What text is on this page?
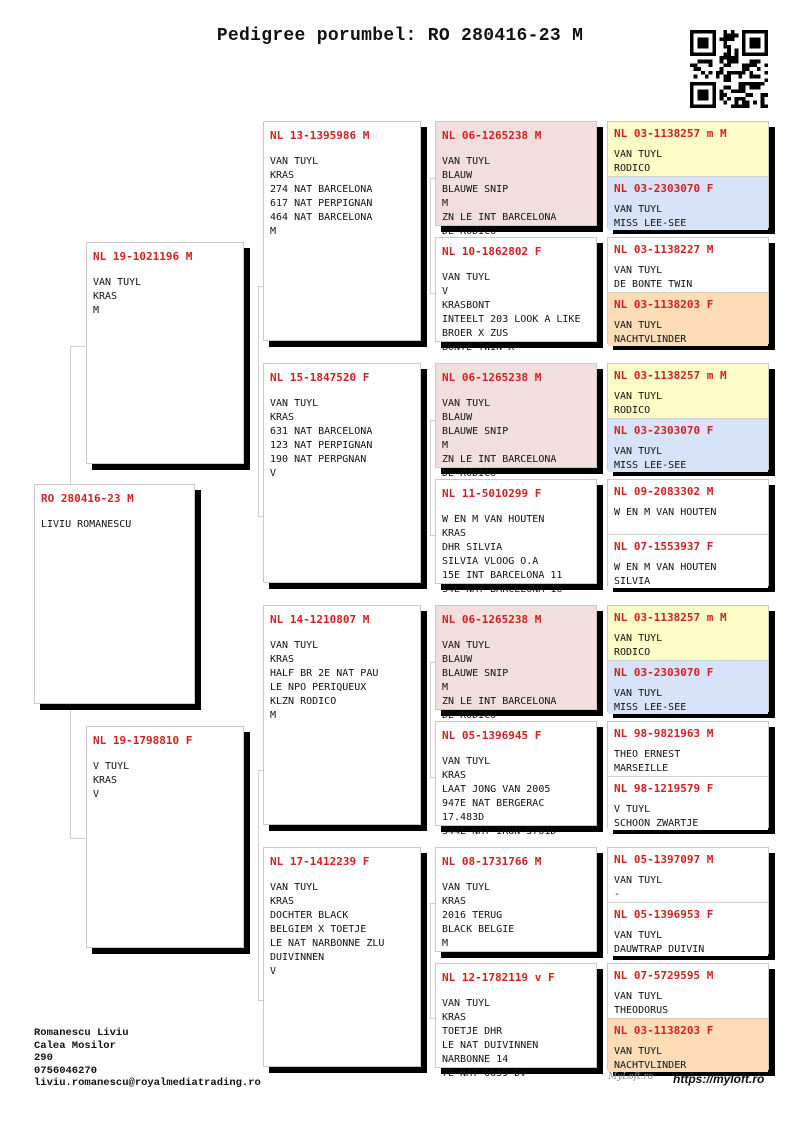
Pedigree porumbel: RO 280416-23 M
RO 280416-23 M
LIVIU ROMANESCU
NL 19-1021196 M
VAN TUYL
KRAS
M
NL 19-1798810 F
V TUYL
KRAS
V
NL 13-1395986 M
VAN TUYL
KRAS
274 NAT BARCELONA
617 NAT PERPIGNAN
464 NAT BARCELONA
M
NL 15-1847520 F
VAN TUYL
KRAS
631 NAT BARCELONA
123 NAT PERPIGNAN
190 NAT PERPGNAN
V
NL 14-1210807 M
VAN TUYL
KRAS
HALF BR 2E NAT PAU
LE NPO PERIQUEUX
KLZN RODICO
M
NL 17-1412239 F
VAN TUYL
KRAS
DOCHTER BLACK
BELGIEM X TOETJE
LE NAT NARBONNE ZLU
DUIVINNEN
V
NL 06-1265238 M
VAN TUYL
BLAUW
BLAUWE SNIP
M
ZN LE INT BARCELONA
DE RODICO
NL 10-1862802 F
VAN TUYL
V
KRASBONT
INTEELT 203 LOOK A LIKE
BROER X ZUS
BONTE TWIN X
NL 06-1265238 M
VAN TUYL
BLAUW
BLAUWE SNIP
M
ZN LE INT BARCELONA
DE RODICO
NL 11-5010299 F
W EN M VAN HOUTEN
KRAS
DHR SILVIA
SILVIA VLOOG O.A
15E INT BARCELONA 11
34E NAT BARCELONA 10
NL 06-1265238 M
VAN TUYL
BLAUW
BLAUWE SNIP
M
ZN LE INT BARCELONA
DE RODICO
NL 05-1396945 F
VAN TUYL
KRAS
LAAT JONG VAN 2005
947E NAT BERGERAC
17.483D
344E NAT IRUN 5701D
NL 08-1731766 M
VAN TUYL
KRAS
2016 TERUG
BLACK BELGIE
M
NL 12-1782119 v F
VAN TUYL
KRAS
TOETJE DHR
LE NAT DUIVINNEN
NARBONNE 14
7E NAT 6659 DV
NL 03-1138257 m M
VAN TUYL
RODICO
NL 03-2303070 F
VAN TUYL
MISS LEE-SEE
NL 03-1138227 M
VAN TUYL
DE BONTE TWIN
NL 03-1138203 F
VAN TUYL
NACHTVLINDER
NL 03-1138257 m M
VAN TUYL
RODICO
NL 03-2303070 F
VAN TUYL
MISS LEE-SEE
NL 09-2083302 M
W EN M VAN HOUTEN
NL 07-1553937 F
W EN M VAN HOUTEN
SILVIA
NL 03-1138257 m M
VAN TUYL
RODICO
NL 03-2303070 F
VAN TUYL
MISS LEE-SEE
NL 98-9821963 M
THEO ERNEST
MARSEILLE
NL 98-1219579 F
V TUYL
SCHOON ZWARTJE
NL 05-1397097 M
VAN TUYL
-
NL 05-1396953 F
VAN TUYL
DAUWTRAP DUIVIN
NL 07-5729595 M
VAN TUYL
THEODORUS
NL 03-1138203 F
VAN TUYL
NACHTVLINDER
Romanescu Liviu
Calea Mosilor
290
0756046270
liviu.romanescu@royalmediatrading.ro	MyLoft.ro https://myloft.ro
